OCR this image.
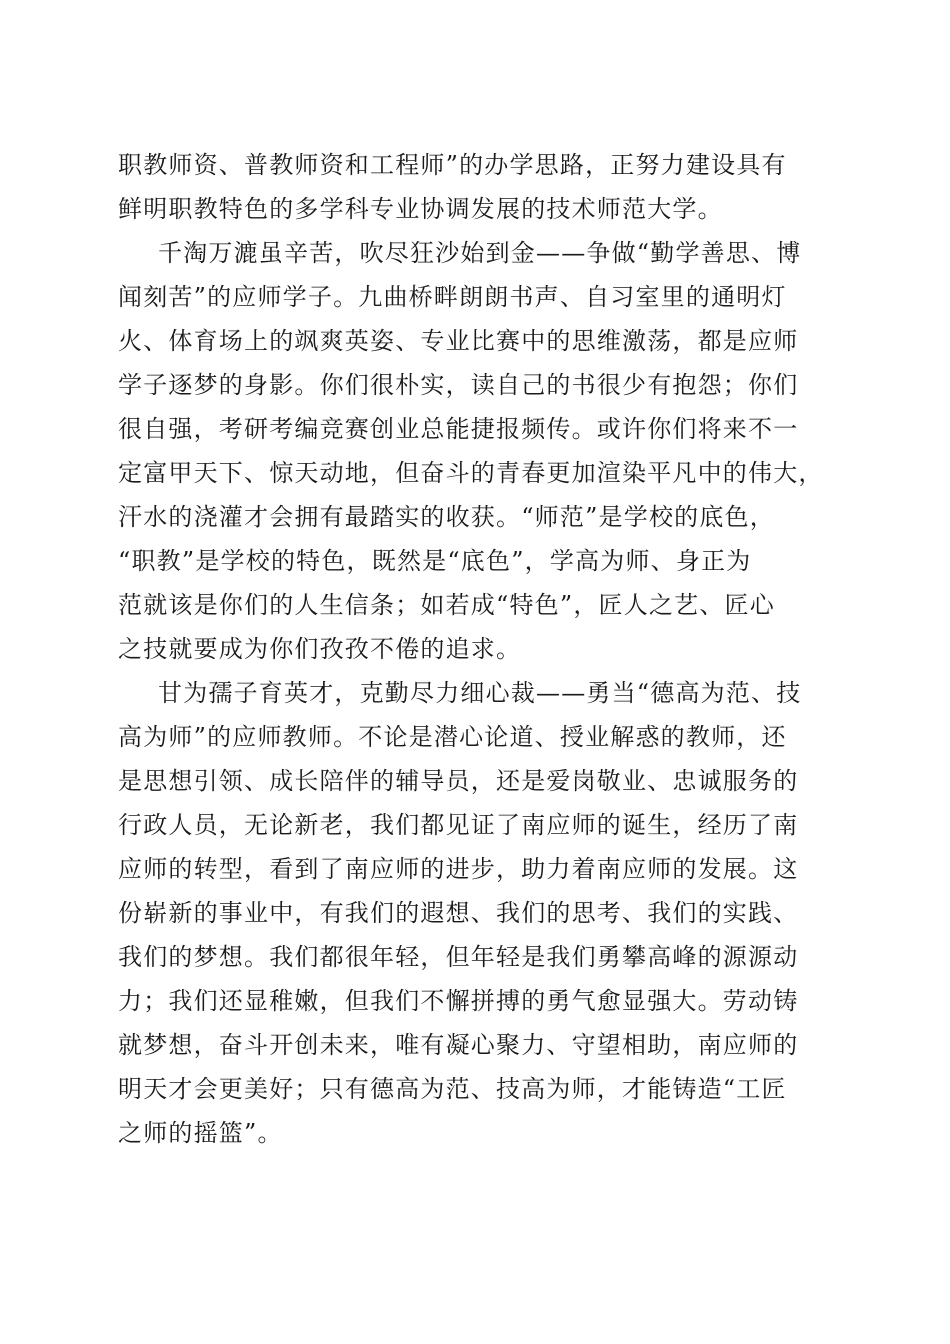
职教师资、普教师资和工程师”的办学思路，正努力建设具有
鲜明职教特色的多学科专业协调发展的技术师范大学。
千淘万漉虽辛苦，吹尽狂沙始到金——争做“勤学善思、博
闻刻苦”的应师学子。九曲桥畔朗朗书声、自习室里的通明灯
火、体育场上的飒爽英姿、专业比赛中的思维激荡，都是应师
学子逐梦的身影。你们很朴实，读自己的书很少有抱怨；你们
很自强，考研考编竞赛创业总能捷报频传。或许你们将来不一
定富甲天下、惊天动地，但奋斗的青春更加渲染平凡中的伟大，
汗水的浇灌才会拥有最踏实的收获。“师范”是学校的底色，
“职教”是学校的特色，既然是“底色”，学高为师、身正为
范就该是你们的人生信条；如若成“特色”，匠人之艺、匠心
之技就要成为你们孜孜不倦的追求。
甘为孺子育英才，克勤尽力细心裁——勇当“德高为范、技
高为师”的应师教师。不论是潜心论道、授业解惑的教师，还
是思想引领、成长陪伴的辅导员，还是爱岗敬业、忠诚服务的
行政人员，无论新老，我们都见证了南应师的诞生，经历了南
应师的转型，看到了南应师的进步，助力着南应师的发展。这
份崭新的事业中，有我们的遐想、我们的思考、我们的实践、
我们的梦想。我们都很年轻，但年轻是我们勇攀高峰的源源动
力；我们还显稚嫩，但我们不懈拼搏的勇气愈显强大。劳动铸
就梦想，奋斗开创未来，唯有凝心聚力、守望相助，南应师的
明天才会更美好；只有德高为范、技高为师，才能铸造“工匠
之师的摇篮”。
